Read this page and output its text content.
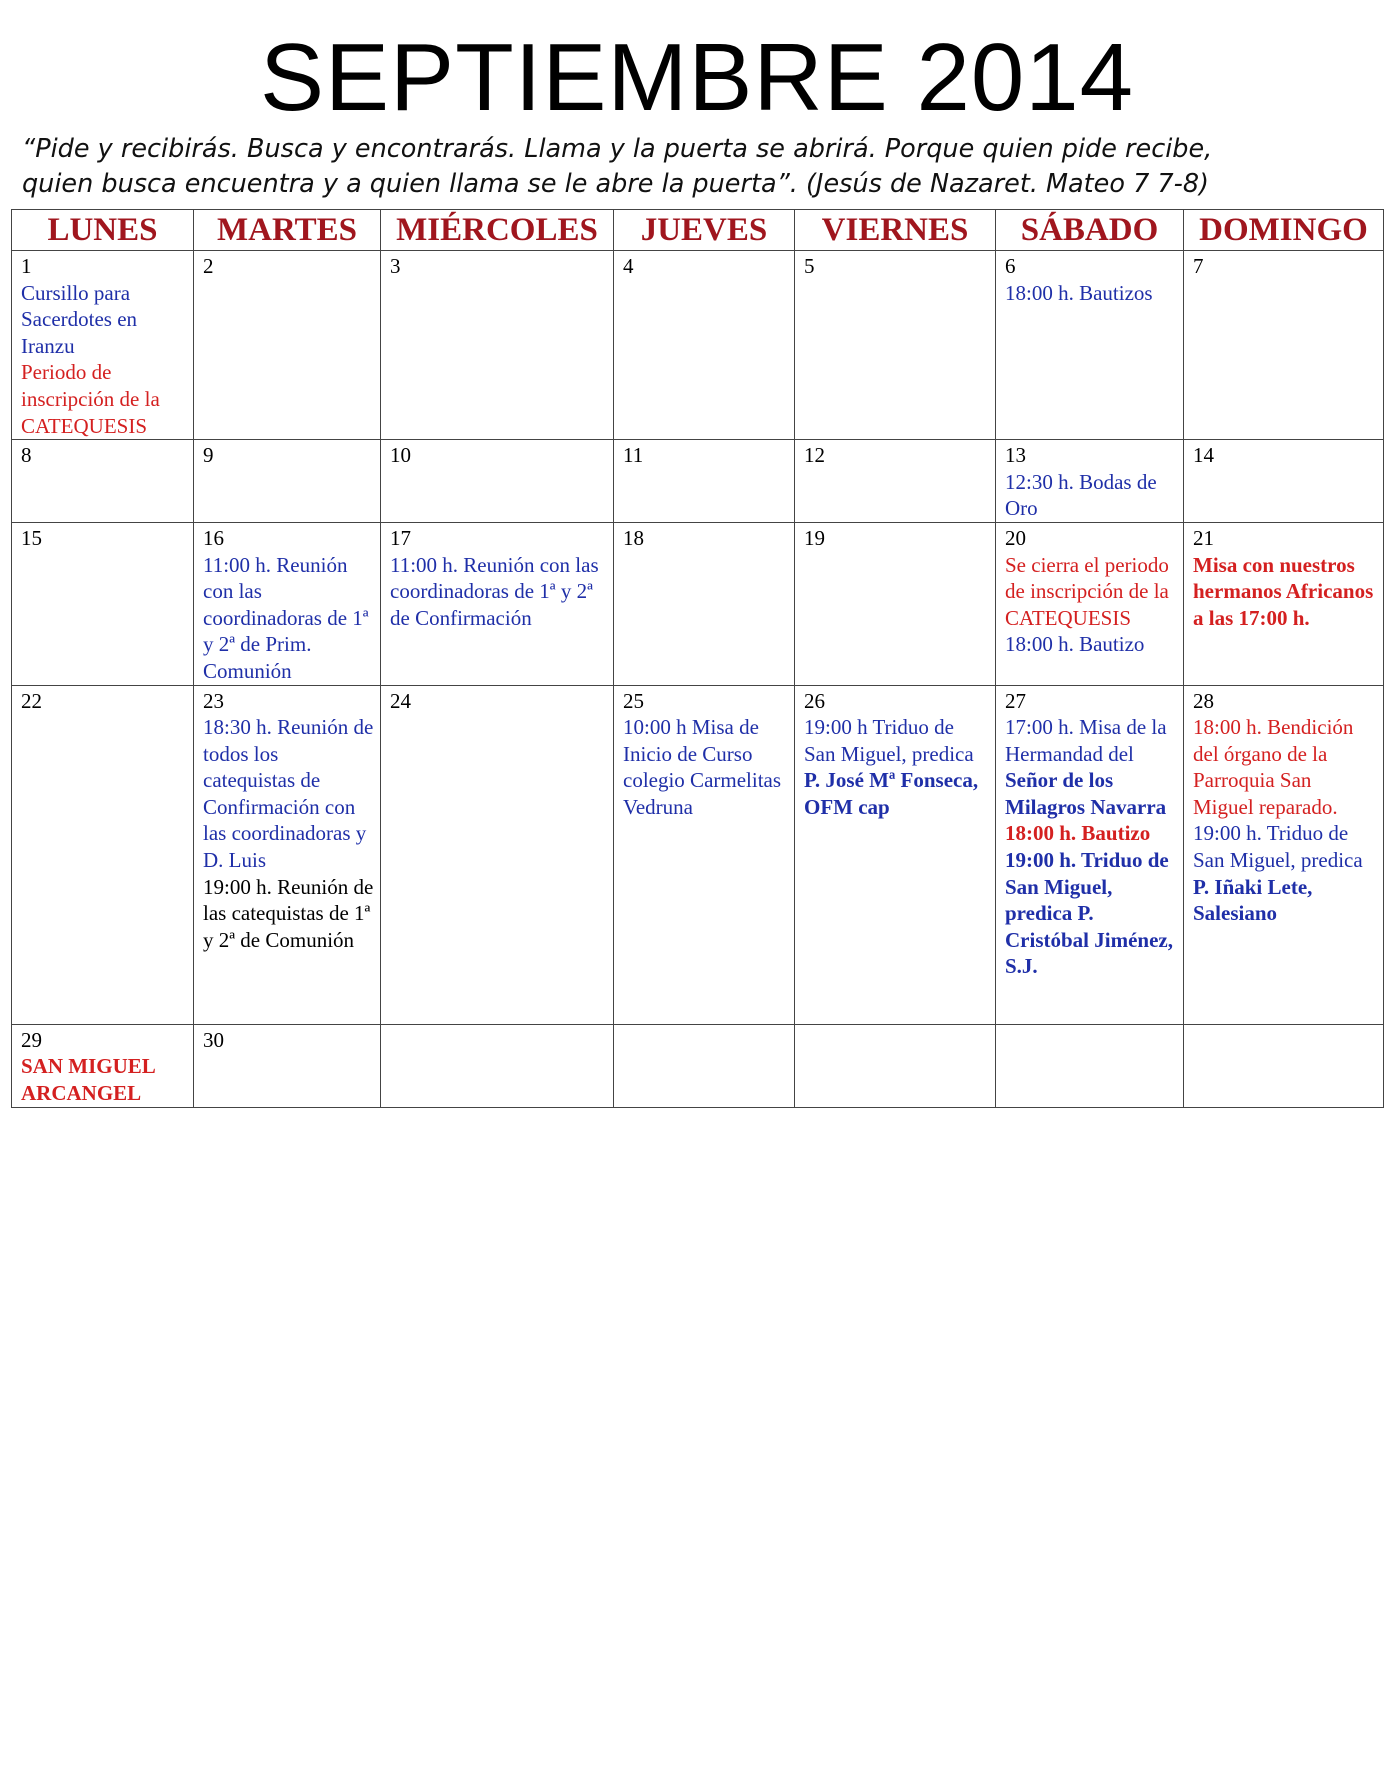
SEPTIEMBRE 2014
“Pide y recibirás. Busca y encontrarás. Llama y la puerta se abrirá. Porque quien pide recibe,
quien busca encuentra y a quien llama se le abre la puerta”. (Jesús de Nazaret. Mateo 7 7-8)
LUNES	MARTES	MIÉRCOLES	JUEVES	VIERNES	SÁBADO	DOMINGO

1
Cursillo para Sacerdotes en Iranzu
Periodo de inscripción de la CATEQUESIS	2	3	4	5	6
18:00 h. Bautizos	7

8	9	10	11	12	13
12:30 h. Bodas de Oro	14

15	16
11:00 h. Reunión con las coordinadoras de 1ª y 2ª de Prim. Comunión	17
11:00 h. Reunión con las coordinadoras de 1ª y 2ª de Confirmación	18	19	20
Se cierra el periodo de inscripción de la CATEQUESIS
18:00 h. Bautizo	21
Misa con nuestros hermanos Africanos a las 17:00 h.

22	23
18:30 h. Reunión de todos los catequistas de Confirmación con las coordinadoras y D. Luis
19:00 h. Reunión de las catequistas de 1ª y 2ª de Comunión	24	25
10:00 h Misa de Inicio de Curso colegio Carmelitas Vedruna	26
19:00 h Triduo de San Miguel, predica P. José Mª Fonseca, OFM cap	27
17:00 h. Misa de la Hermandad del Señor de los Milagros Navarra
18:00 h. Bautizo
19:00 h. Triduo de San Miguel, predica P. Cristóbal Jiménez, S.J.	28
18:00 h. Bendición del órgano de la Parroquia San Miguel reparado.
19:00 h. Triduo de San Miguel, predica P. Iñaki Lete, Salesiano

29
SAN MIGUEL ARCANGEL	30					
